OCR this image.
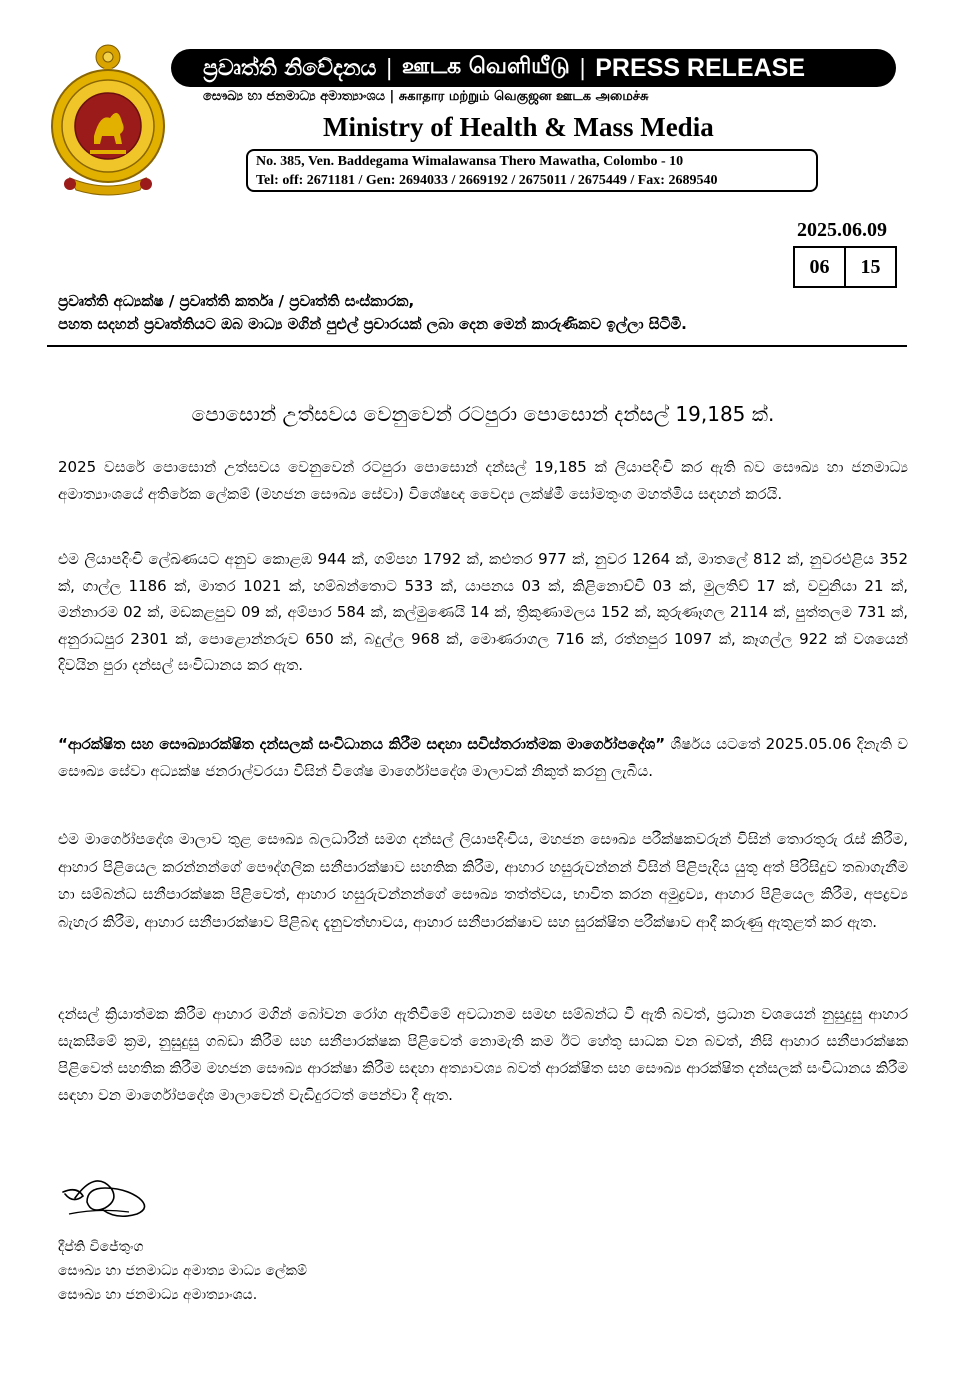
ප්‍රවෘත්ති නිවේදනය | ஊடக வெளியீடு | PRESS RELEASE
සෞඛ්‍ය හා ජනමාධ්‍ය අමාත්‍යාංශය | சுகாதார மற்றும் வெகுஜன ஊடக அமைச்சு
Ministry of Health & Mass Media
No. 385, Ven. Baddegama Wimalawansa Thero Mawatha, Colombo - 10
Tel: off: 2671181 / Gen: 2694033 / 2669192 / 2675011 / 2675449 / Fax: 2689540
2025.06.09
06	15
ප්‍රවෘත්ති අධ්‍යක්ෂ / ප්‍රවෘත්ති කර්තෘ / ප්‍රවෘත්ති සංස්කාරක,
පහත සදහන් ප්‍රවෘත්තියට ඔබ මාධ්‍ය මගින් පුළුල් ප්‍රචාරයක් ලබා දෙන මෙන් කාරුණිකව ඉල්ලා සිටිමි.
පොසොන් උත්සවය වෙනුවෙන් රටපුරා පොසොන් දන්සල් 19,185 ක්.
2025 වසරේ පොසොන් උත්සවය වෙනුවෙන් රටපුරා පොසොන් දන්සල් 19,185 ක් ලියාපදිංචි කර ඇති බව සෞඛ්‍ය හා ජනමාධ්‍ය අමාත්‍යාංශයේ අතිරේක ලේකම් (මහජන සෞඛ්‍ය සේවා) විශේෂඥ වෛද්‍ය ලක්ෂ්මී සෝමතුංග මහත්මිය සඳහන් කරයි.
එම ලියාපදිංචි ලේඛණයට අනුව කොළඹ 944 ක්, ගම්පහ 1792 ක්, කළුතර 977 ක්, නුවර 1264 ක්, මාතලේ 812 ක්, නුවරඑළිය 352 ක්, ගාල්ල 1186 ක්, මාතර 1021 ක්, හම්බන්තොට 533 ක්, යාපනය 03 ක්, කිළිනොච්චි 03 ක්, මුලතිව් 17 ක්, වවුනියා 21 ක්, මන්නාරම 02 ක්, මඩකළපුව 09 ක්, අම්පාර 584 ක්, කල්මුණෙයි 14 ක්, ත්‍රිකුණාමලය 152 ක්, කුරුණෑගල 2114 ක්, පුත්තලම 731 ක්, අනුරාධපුර 2301 ක්, පොළොන්නරුව 650 ක්, බදුල්ල 968 ක්, මොණරාගල 716 ක්, රත්නපුර 1097 ක්, කෑගල්ල 922 ක් වශයෙන් දිවයින පුරා දන්සල් සංවිධානය කර ඇත.
“ආරක්ෂිත සහ සෞඛ්‍යාරක්ෂිත දන්සලක් සංවිධානය කිරීම සඳහා සවිස්තරාත්මක මාර්ගෝපදේශ” ශීර්ෂය යටතේ 2025.05.06 දිනැති ව සෞඛ්‍ය සේවා අධ්‍යක්ෂ ජනරාල්වරයා විසින් විශේෂ මාර්ගෝපදේශ මාලාවක් නිකුත් කරනු ලැබීය.
එම මාර්ගෝපදේශ මාලාව තුළ සෞඛ්‍ය බලධාරීන් සමග දන්සල් ලියාපදිංචිය, මහජන සෞඛ්‍ය පරීක්ෂකවරුන් විසින් තොරතුරු රැස් කිරීම, ආහාර පිළියෙල කරන්නන්ගේ පෞද්ගලික සනීපාරක්ෂාව සහතික කිරීම, ආහාර හසුරුවන්නන් විසින් පිළිපැදිය යුතු අත් පිරිසිදුව තබාගැනීම හා සම්බන්ධ සනීපාරක්ෂක පිළිවෙත්, ආහාර හසුරුවන්නන්ගේ සෞඛ්‍ය තත්ත්වය, භාවිත කරන අමුද්‍රව්‍ය, ආහාර පිළියෙල කිරීම, අපද්‍රව්‍ය බැහැර කිරීම, ආහාර සනීපාරක්ෂාව පිළිබඳ දැනුවත්භාවය, ආහාර සනීපාරක්ෂාව සහ සුරක්ෂිත පරීක්ෂාව ආදී කරුණු ඇතුළත් කර ඇත.
දන්සල් ක්‍රියාත්මක කිරීම ආහාර මගින් බෝවන රෝග ඇතිවීමේ අවධානම සමඟ සම්බන්ධ වී ඇති බවත්, ප්‍රධාන වශයෙන් නුසුදුසු ආහාර සැකසීමේ ක්‍රම, නුසුදුසු ගබඩා කිරීම සහ සනීපාරක්ෂක පිළිවෙත් නොමැති කම ඊට හේතු සාධක වන බවත්, නිසි ආහාර සනීපාරක්ෂක පිළිවෙත් සහතික කිරීම මහජන සෞඛ්‍ය ආරක්ෂා කිරීම සඳහා අත්‍යාවශ්‍ය බවත් ආරක්ෂිත සහ සෞඛ්‍ය ආරක්ෂිත දන්සලක් සංවිධානය කිරීම සඳහා වන මාර්ගෝපදේශ මාලාවෙන් වැඩිදුරටත් පෙන්වා දී ඇත.
දීප්ති විජේතුංග
සෞඛ්‍ය හා ජනමාධ්‍ය අමාත්‍ය මාධ්‍ය ලේකම්
සෞඛ්‍ය හා ජනමාධ්‍ය අමාත්‍යාංශය.
